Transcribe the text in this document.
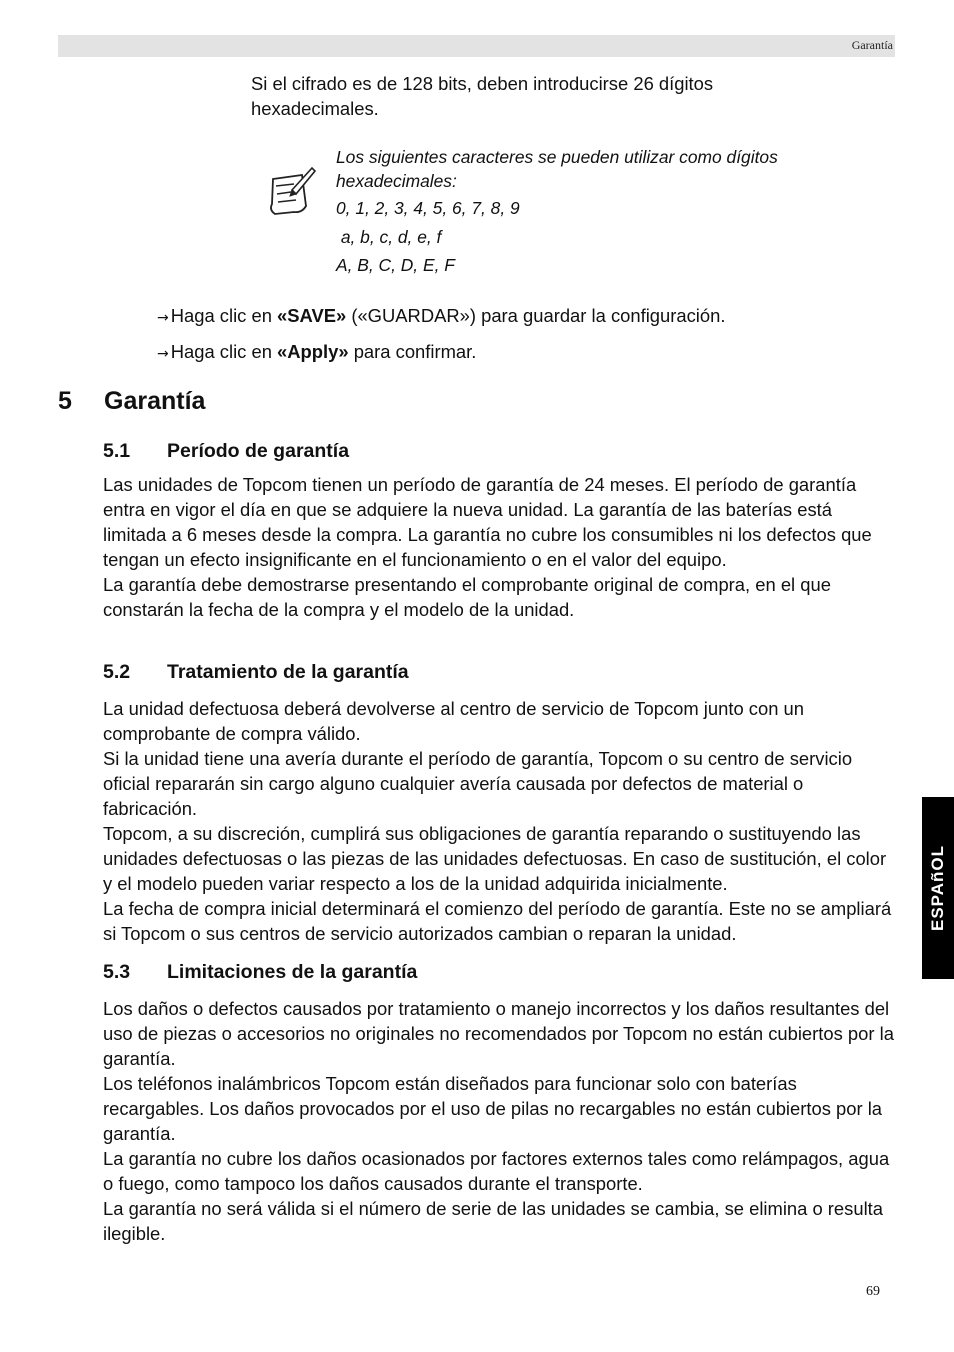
Garantía
Si el cifrado es de 128 bits, deben introducirse 26 dígitos hexadecimales.

Los siguientes caracteres se pueden utilizar como dígitos hexadecimales:

0, 1, 2, 3, 4, 5, 6, 7, 8, 9
a, b, c, d, e, f
A, B, C, D, E, F
→ Haga clic en «SAVE» («GUARDAR») para guardar la configuración.
→ Haga clic en «Apply» para confirmar.
5 Garantía
5.1 Período de garantía

Las unidades de Topcom tienen un período de garantía de 24 meses. El período de garantía entra en vigor el día en que se adquiere la nueva unidad. La garantía de las baterías está limitada a 6 meses desde la compra. La garantía no cubre los consumibles ni los defectos que tengan un efecto insignificante en el funcionamiento o en el valor del equipo.

La garantía debe demostrarse presentando el comprobante original de compra, en el que constarán la fecha de la compra y el modelo de la unidad.

5.2 Tratamiento de la garantía

La unidad defectuosa deberá devolverse al centro de servicio de Topcom junto con un comprobante de compra válido.

Si la unidad tiene una avería durante el período de garantía, Topcom o su centro de servicio oficial repararán sin cargo alguno cualquier avería causada por defectos de material o fabricación.

Topcom, a su discreción, cumplirá sus obligaciones de garantía reparando o sustituyendo las unidades defectuosas o las piezas de las unidades defectuosas. En caso de sustitución, el color y el modelo pueden variar respecto a los de la unidad adquirida inicialmente.

La fecha de compra inicial determinará el comienzo del período de garantía. Este no se ampliará si Topcom o sus centros de servicio autorizados cambian o reparan la unidad.

5.3 Limitaciones de la garantía

Los daños o defectos causados por tratamiento o manejo incorrectos y los daños resultantes del uso de piezas o accesorios no originales no recomendados por Topcom no están cubiertos por la garantía.

Los teléfonos inalámbricos Topcom están diseñados para funcionar solo con baterías recargables. Los daños provocados por el uso de pilas no recargables no están cubiertos por la garantía.

La garantía no cubre los daños ocasionados por factores externos tales como relámpagos, agua o fuego, como tampoco los daños causados durante el transporte.

La garantía no será válida si el número de serie de las unidades se cambia, se elimina o resulta ilegible.

ESPAñOL
69
